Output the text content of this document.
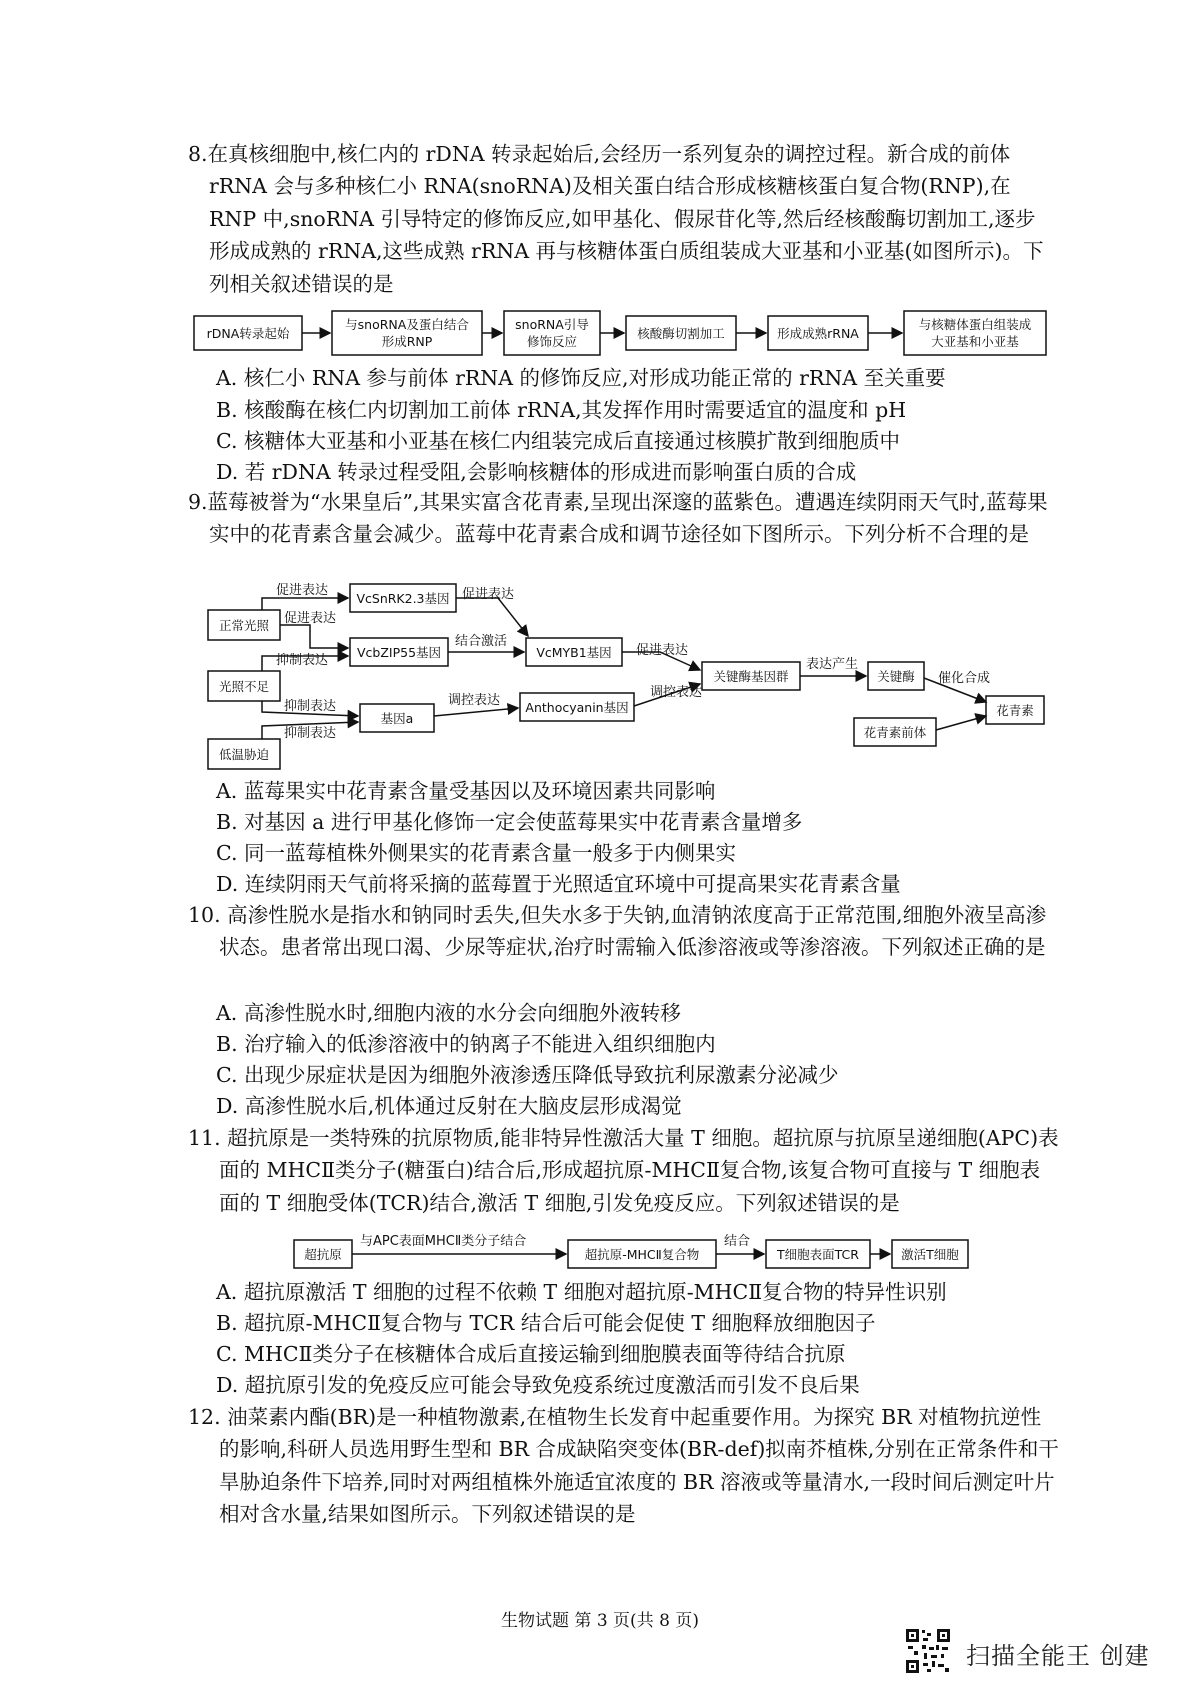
8.在真核细胞中,核仁内的 rDNA 转录起始后,会经历一系列复杂的调控过程。新合成的前体 rRNA 会与多种核仁小 RNA(snoRNA)及相关蛋白结合形成核糖核蛋白复合物(RNP),在 RNP 中,snoRNA 引导特定的修饰反应,如甲基化、假尿苷化等,然后经核酸酶切割加工,逐步形成成熟的 rRNA,这些成熟 rRNA 再与核糖体蛋白质组装成大亚基和小亚基(如图所示)。下列相关叙述错误的是

rDNA转录起始
与snoRNA及蛋白结合
形成RNP
snoRNA引导
修饰反应
核酸酶切割加工	形成成熟rRNA
与核糖体蛋白组装成
大亚基和小亚基
正常光照
光照不足
低温胁迫
VcSnRK2.3基因
VcbZIP55基因	VcMYB1基因
基因a
Anthocyanin基因
关键酶基因群	关键酶
花青素前体
花青素
促进表达
促进表达
抑制表达
促进表达
结合激活
促进表达
抑制表达
抑制表达
调控表达
调控表达
表达产生
催化合成
超抗原
与APC表面MHCⅡ类分子结合
超抗原-MHCⅡ复合物
结合
T细胞表面TCR	激活T细胞

A. 核仁小 RNA 参与前体 rRNA 的修饰反应,对形成功能正常的 rRNA 至关重要

B. 核酸酶在核仁内切割加工前体 rRNA,其发挥作用时需要适宜的温度和 pH

C. 核糖体大亚基和小亚基在核仁内组装完成后直接通过核膜扩散到细胞质中

D. 若 rDNA 转录过程受阻,会影响核糖体的形成进而影响蛋白质的合成

9.蓝莓被誉为“水果皇后”,其果实富含花青素,呈现出深邃的蓝紫色。遭遇连续阴雨天气时,蓝莓果实中的花青素含量会减少。蓝莓中花青素合成和调节途径如下图所示。下列分析不合理的是

A. 蓝莓果实中花青素含量受基因以及环境因素共同影响

B. 对基因 a 进行甲基化修饰一定会使蓝莓果实中花青素含量增多

C. 同一蓝莓植株外侧果实的花青素含量一般多于内侧果实

D. 连续阴雨天气前将采摘的蓝莓置于光照适宜环境中可提高果实花青素含量

10. 高渗性脱水是指水和钠同时丢失,但失水多于失钠,血清钠浓度高于正常范围,细胞外液呈高渗状态。患者常出现口渴、少尿等症状,治疗时需输入低渗溶液或等渗溶液。下列叙述正确的是

A. 高渗性脱水时,细胞内液的水分会向细胞外液转移

B. 治疗输入的低渗溶液中的钠离子不能进入组织细胞内

C. 出现少尿症状是因为细胞外液渗透压降低导致抗利尿激素分泌减少

D. 高渗性脱水后,机体通过反射在大脑皮层形成渴觉

11. 超抗原是一类特殊的抗原物质,能非特异性激活大量 T 细胞。超抗原与抗原呈递细胞(APC)表面的 MHCⅡ类分子(糖蛋白)结合后,形成超抗原-MHCⅡ复合物,该复合物可直接与 T 细胞表面的 T 细胞受体(TCR)结合,激活 T 细胞,引发免疫反应。下列叙述错误的是

A. 超抗原激活 T 细胞的过程不依赖 T 细胞对超抗原-MHCⅡ复合物的特异性识别

B. 超抗原-MHCⅡ复合物与 TCR 结合后可能会促使 T 细胞释放细胞因子

C. MHCⅡ类分子在核糖体合成后直接运输到细胞膜表面等待结合抗原

D. 超抗原引发的免疫反应可能会导致免疫系统过度激活而引发不良后果

12. 油菜素内酯(BR)是一种植物激素,在植物生长发育中起重要作用。为探究 BR 对植物抗逆性的影响,科研人员选用野生型和 BR 合成缺陷突变体(BR-def)拟南芥植株,分别在正常条件和干旱胁迫条件下培养,同时对两组植株外施适宜浓度的 BR 溶液或等量清水,一段时间后测定叶片相对含水量,结果如图所示。下列叙述错误的是

生物试题 第 3 页(共 8 页)
扫描全能王 创建
